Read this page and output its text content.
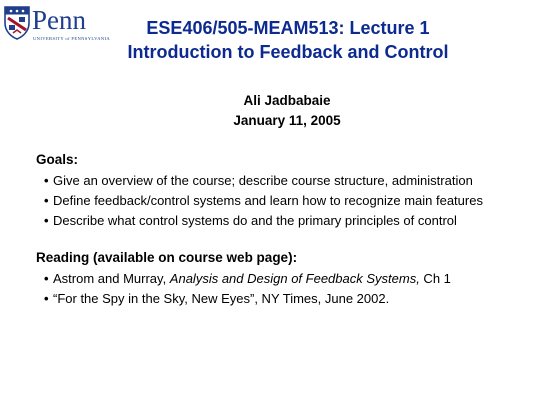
Penn
UNIVERSITY of PENNSYLVANIA
ESE406/505-MEAM513: Lecture 1
Introduction to Feedback and Control
Ali Jadbabaie
January 11, 2005
Goals:
• Give an overview of the course; describe course structure, administration
• Define feedback/control systems and learn how to recognize main features
• Describe what control systems do and the primary principles of control
Reading (available on course web page):
• Astrom and Murray, Analysis and Design of Feedback Systems, Ch 1
• “For the Spy in the Sky, New Eyes”, NY Times, June 2002.
